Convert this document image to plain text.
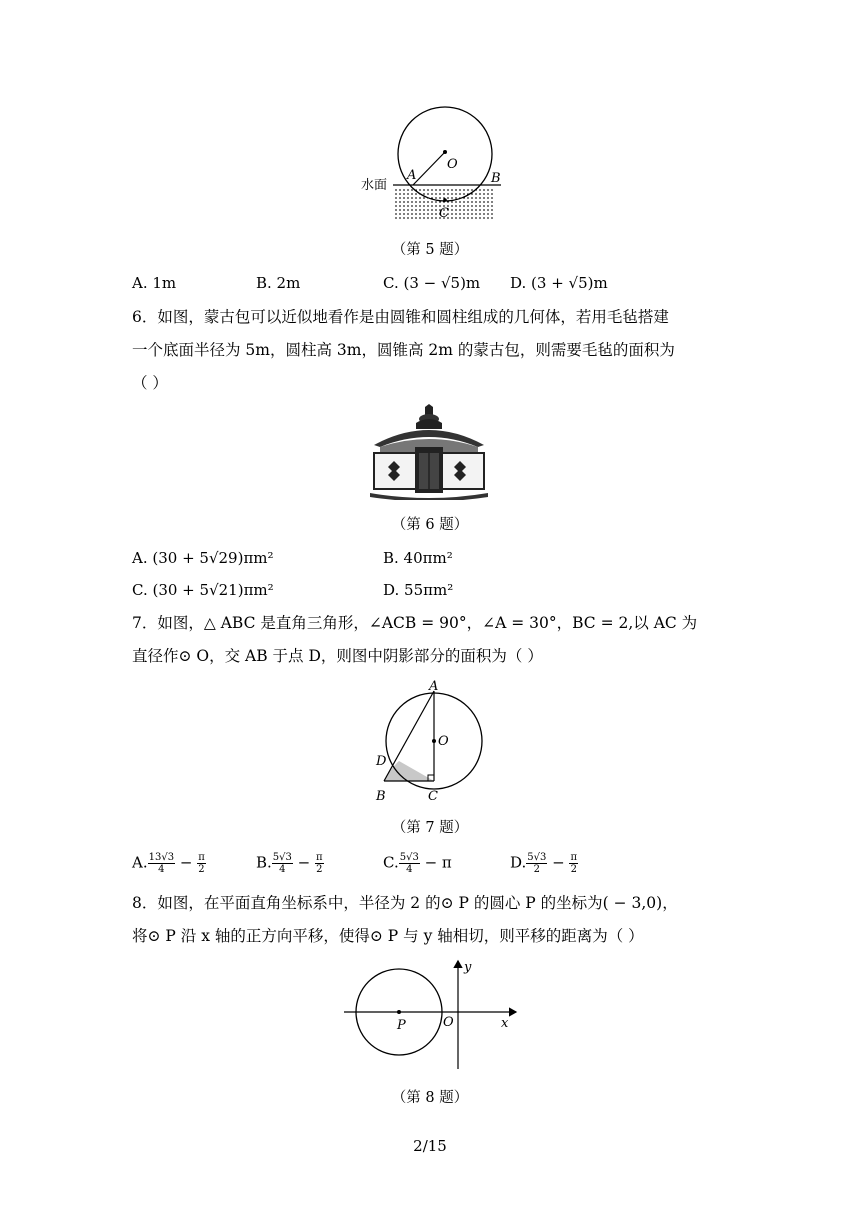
O
A	B
C
水面
（第 5 题）
A. 1m	B. 2m	C. (3 − √5)m D. (3 + √5)m
6．如图，蒙古包可以近似地看作是由圆锥和圆柱组成的几何体，若用毛毡搭建
一个底面半径为 5m，圆柱高 3m，圆锥高 2m 的蒙古包，则需要毛毡的面积为
（ ）
（第 6 题）
A. (30 + 5√29)πm²	B. 40πm²
C. (30 + 5√21)πm²	D. 55πm²
7．如图，△ ABC 是直角三角形，∠ACB = 90°，∠A = 30°，BC = 2,以 AC 为
直径作⊙ O，交 AB 于点 D，则图中阴影部分的面积为（ ）
A
O
D
B	C
（第 7 题）
A. $\frac{13√3}{4} - \frac{\pi}{2}$	B. $\frac{5√3}{4} - \frac{\pi}{2}$	C. $\frac{5√3}{4} - \pi$	D. $\frac{5√3}{2} - \frac{\pi}{2}$
8．如图，在平面直角坐标系中，半径为 2 的⊙ P 的圆心 P 的坐标为( − 3,0)，
将⊙ P 沿 x 轴的正方向平移，使得⊙ P 与 y 轴相切，则平移的距离为（ ）
P	O	x
y
（第 8 题）
2/15
